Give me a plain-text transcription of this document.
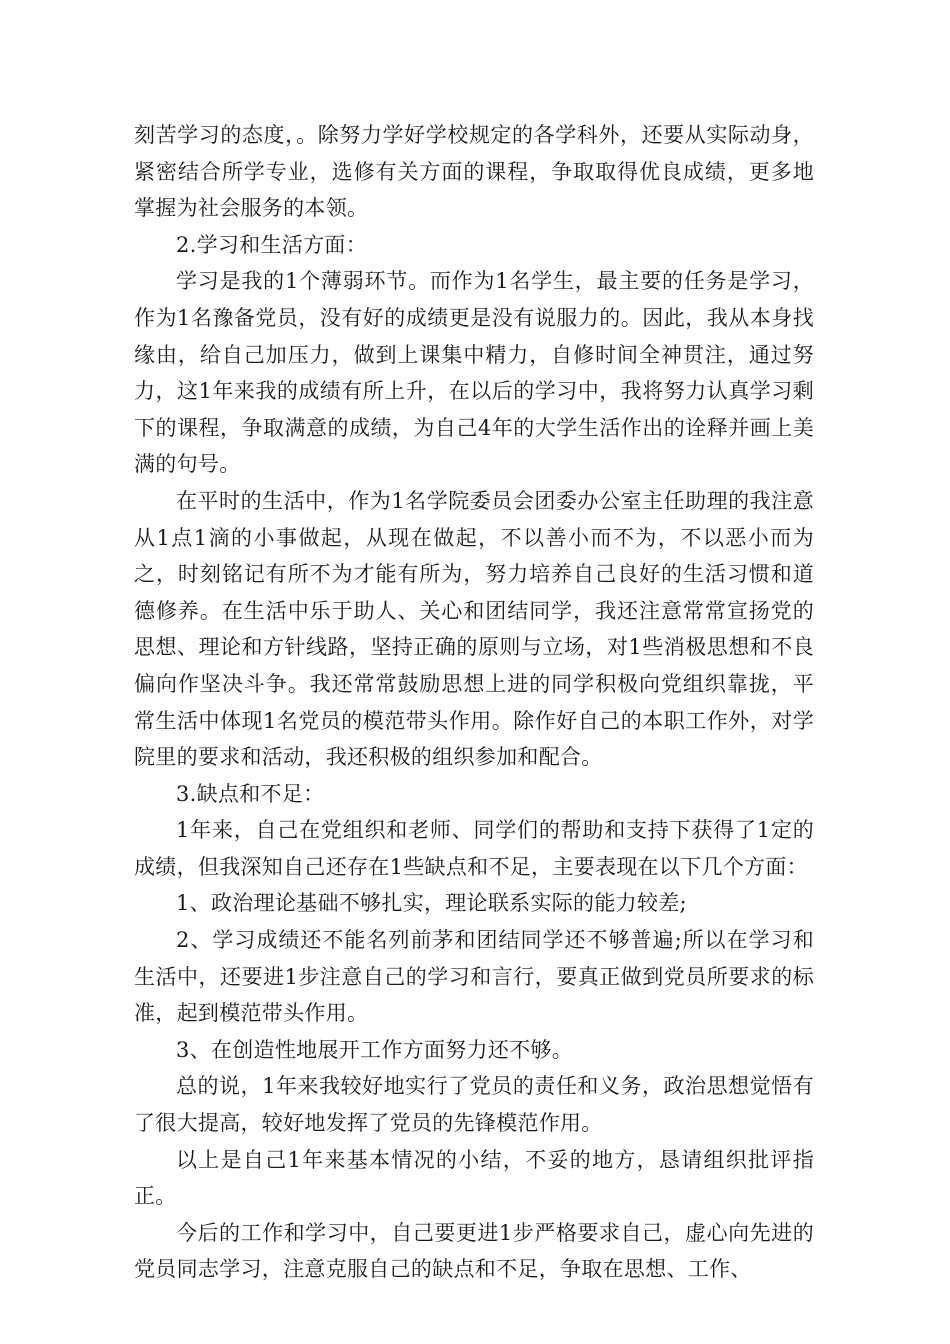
刻苦学习的态度，。除努力学好学校规定的各学科外，还要从实际动身，紧密结合所学专业，选修有关方面的课程，争取取得优良成绩，更多地掌握为社会服务的本领。

2.学习和生活方面：

学习是我的1个薄弱环节。而作为1名学生，最主要的任务是学习，作为1名豫备党员，没有好的成绩更是没有说服力的。因此，我从本身找缘由，给自己加压力，做到上课集中精力，自修时间全神贯注，通过努力，这1年来我的成绩有所上升，在以后的学习中，我将努力认真学习剩下的课程，争取满意的成绩，为自己4年的大学生活作出的诠释并画上美满的句号。

在平时的生活中，作为1名学院委员会团委办公室主任助理的我注意从1点1滴的小事做起，从现在做起，不以善小而不为，不以恶小而为之，时刻铭记有所不为才能有所为，努力培养自己良好的生活习惯和道德修养。在生活中乐于助人、关心和团结同学，我还注意常常宣扬党的思想、理论和方针线路，坚持正确的原则与立场，对1些消极思想和不良偏向作坚决斗争。我还常常鼓励思想上进的同学积极向党组织靠拢，平常生活中体现1名党员的模范带头作用。除作好自己的本职工作外，对学院里的要求和活动，我还积极的组织参加和配合。

3.缺点和不足：

1年来，自己在党组织和老师、同学们的帮助和支持下获得了1定的成绩，但我深知自己还存在1些缺点和不足，主要表现在以下几个方面：

1、政治理论基础不够扎实，理论联系实际的能力较差;

2、学习成绩还不能名列前茅和团结同学还不够普遍;所以在学习和生活中，还要进1步注意自己的学习和言行，要真正做到党员所要求的标准，起到模范带头作用。

3、在创造性地展开工作方面努力还不够。

总的说，1年来我较好地实行了党员的责任和义务，政治思想觉悟有了很大提高，较好地发挥了党员的先锋模范作用。

以上是自己1年来基本情况的小结，不妥的地方，恳请组织批评指正。

今后的工作和学习中，自己要更进1步严格要求自己，虚心向先进的党员同志学习，注意克服自己的缺点和不足，争取在思想、工作、
